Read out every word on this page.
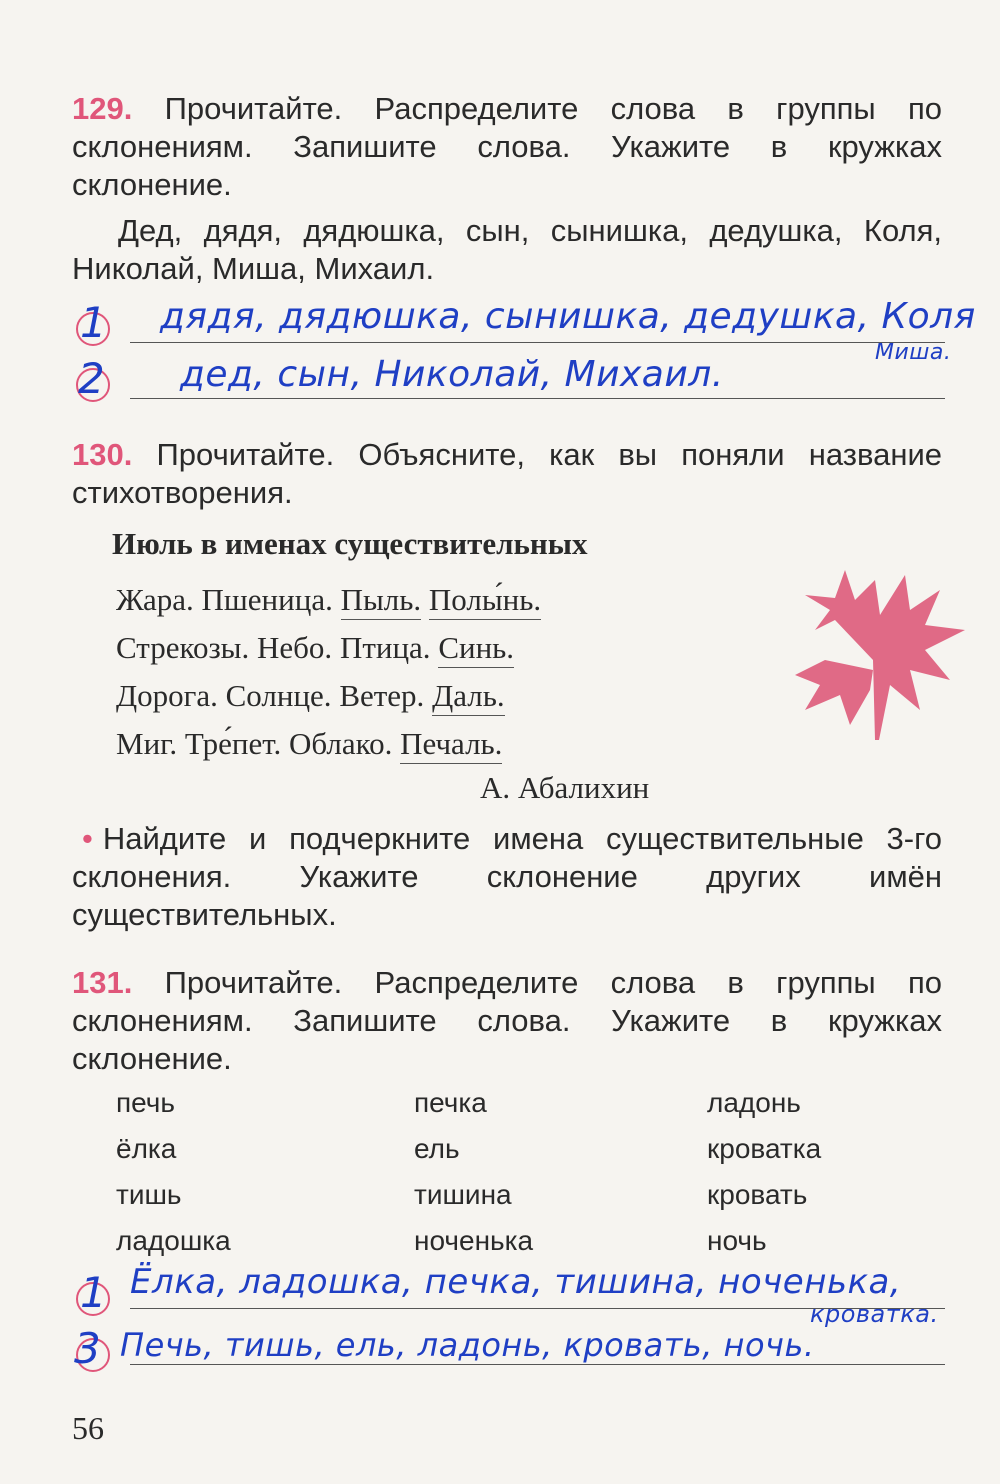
129. Прочитайте. Распределите слова в группы по склонениям. Запишите слова. Укажите в кружках склонение.
Дед, дядя, дядюшка, сын, сынишка, дедушка, Коля, Николай, Миша, Михаил.
1 дядя, дядюшка, сынишка, дедушка, Коля
Миша.
2 дед, сын, Николай, Михаил.
130. Прочитайте. Объясните, как вы поняли название стихотворения.
Июль в именах существительных
Жара. Пшеница. Пыль. Полы́нь.
Стрекозы. Небо. Птица. Синь.
Дорога. Солнце. Ветер. Даль.
Миг. Тре́пет. Облако. Печаль.
А. Абалихин
• Найдите и подчеркните имена существительные 3-го склонения. Укажите склонение других имён существительных.
131. Прочитайте. Распределите слова в группы по склонениям. Запишите слова. Укажите в кружках склонение.
печь
ёлка
тишь
ладошка
печка
ель
тишина
ноченька
ладонь
кроватка
кровать
ночь
1 Ёлка, ладошка, печка, тишина, ноченька,
кроватка.
3 Печь, тишь, ель, ладонь, кровать, ночь.
56
